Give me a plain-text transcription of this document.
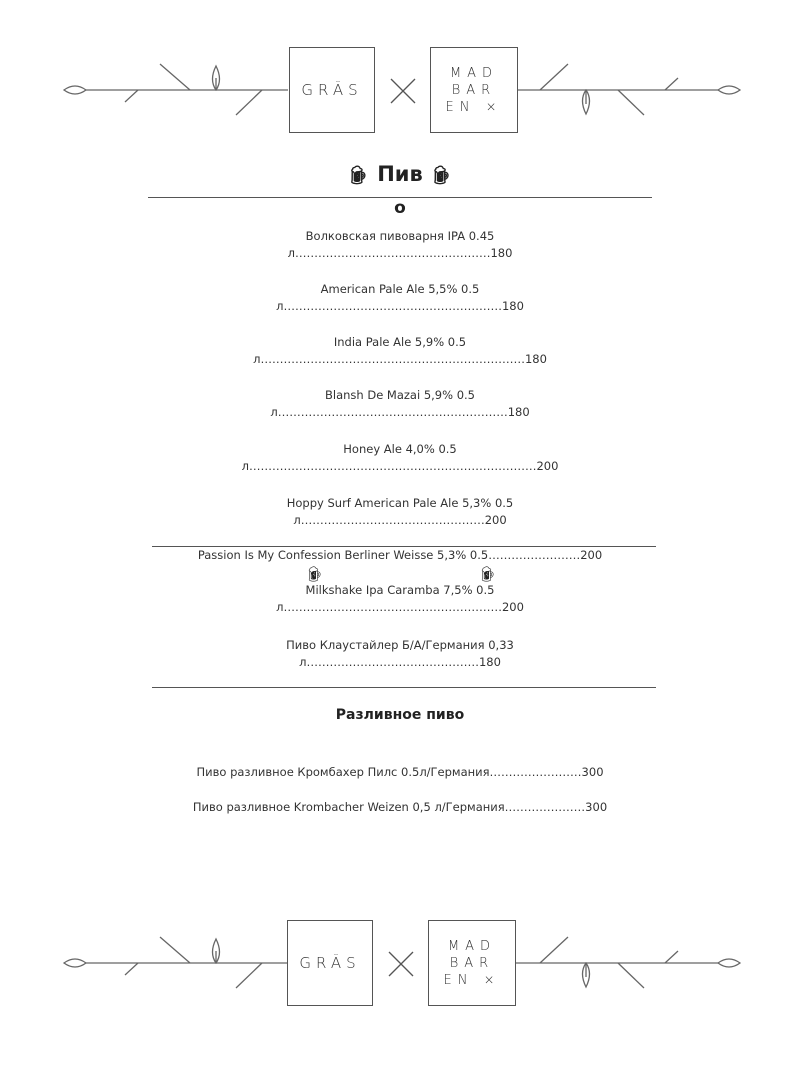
GRÄS
MAD
BAR
EN ×
🍺︎ Пив 🍺︎
о
Волковская пивоварня IPA 0.45
л……………………………………………180
American Pale Ale 5,5% 0.5
л…………………………………………………180
India Pale Ale 5,9% 0.5
л……………………………………………………………180
Blansh De Mazai 5,9% 0.5
л……………………………………………………180
Honey Ale 4,0% 0.5
л…………………………………………………………………200
Hoppy Surf American Pale Ale 5,3% 0.5
л…………………………………………200
Passion Is My Confession Berliner Weisse 5,3% 0.5……………………200
🍺︎	🍺︎
Milkshake Ipa Caramba 7,5% 0.5
л…………………………………………………200
Пиво Клаустайлер Б/А/Германия 0,33
л………………………………………180
Разливное пиво
Пиво разливное Кромбахер Пилс 0.5л/Германия……………………300
Пиво разливное Krombacher Weizen 0,5 л/Германия…………………300
GRÄS
MAD
BAR
EN ×
